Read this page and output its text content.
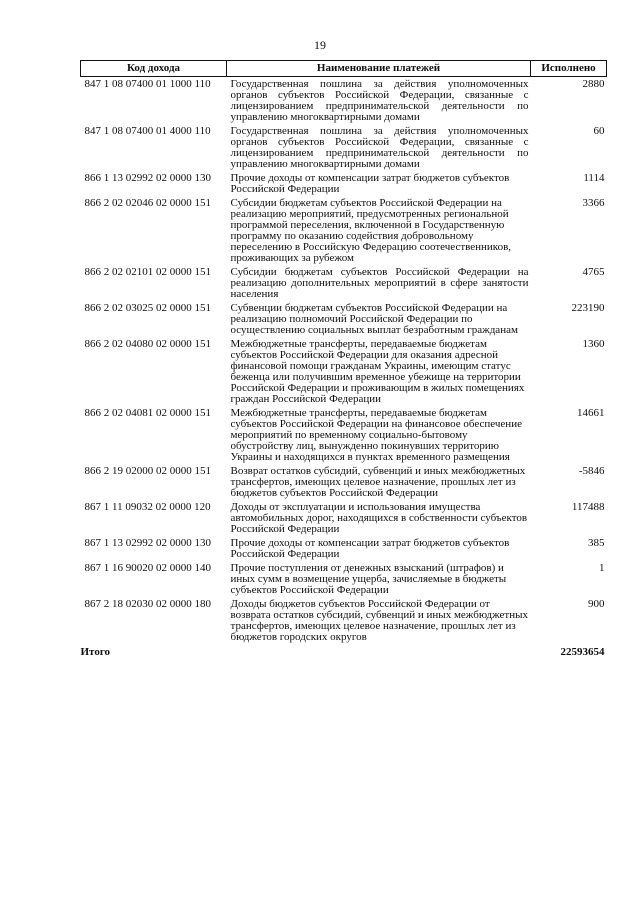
19
Код дохода	Наименование платежей	Исполнено
847 1 08 07400 01 1000 110	Государственная пошлина за действия уполномоченных органов субъектов Российской Федерации, связанные с лицензированием предпринимательской деятельности по управлению многоквартирными домами	2880
847 1 08 07400 01 4000 110	Государственная пошлина за действия уполномоченных органов субъектов Российской Федерации, связанные с лицензированием предпринимательской деятельности по управлению многоквартирными домами	60
866 1 13 02992 02 0000 130	Прочие доходы от компенсации затрат бюджетов субъектов Российской Федерации	1114
866 2 02 02046 02 0000 151	Субсидии бюджетам субъектов Российской Федерации на реализацию мероприятий, предусмотренных региональной программой переселения, включенной в Государственную программу по оказанию содействия добровольному переселению в Российскую Федерацию соотечественников, проживающих за рубежом	3366
866 2 02 02101 02 0000 151	Субсидии бюджетам субъектов Российской Федерации на реализацию дополнительных мероприятий в сфере занятости населения	4765
866 2 02 03025 02 0000 151	Субвенции бюджетам субъектов Российской Федерации на реализацию полномочий Российской Федерации по осуществлению социальных выплат безработным гражданам	223190
866 2 02 04080 02 0000 151	Межбюджетные трансферты, передаваемые бюджетам субъектов Российской Федерации для оказания адресной финансовой помощи гражданам Украины, имеющим статус беженца или получившим временное убежище на территории Российской Федерации и проживающим в жилых помещениях граждан Российской Федерации	1360
866 2 02 04081 02 0000 151	Межбюджетные трансферты, передаваемые бюджетам субъектов Российской Федерации на финансовое обеспечение мероприятий по временному социально-бытовому обустройству лиц, вынужденно покинувших территорию Украины и находящихся в пунктах временного размещения	14661
866 2 19 02000 02 0000 151	Возврат остатков субсидий, субвенций и иных межбюджетных трансфертов, имеющих целевое назначение, прошлых лет из бюджетов субъектов Российской Федерации	-5846
867 1 11 09032 02 0000 120	Доходы от эксплуатации и использования имущества автомобильных дорог, находящихся в собственности субъектов Российской Федерации	117488
867 1 13 02992 02 0000 130	Прочие доходы от компенсации затрат бюджетов субъектов Российской Федерации	385
867 1 16 90020 02 0000 140	Прочие поступления от денежных взысканий (штрафов) и иных сумм в возмещение ущерба, зачисляемые в бюджеты субъектов Российской Федерации	1
867 2 18 02030 02 0000 180	Доходы бюджетов субъектов Российской Федерации от возврата остатков субсидий, субвенций и иных межбюджетных трансфертов, имеющих целевое назначение, прошлых лет из бюджетов городских округов	900
Итого		22593654
